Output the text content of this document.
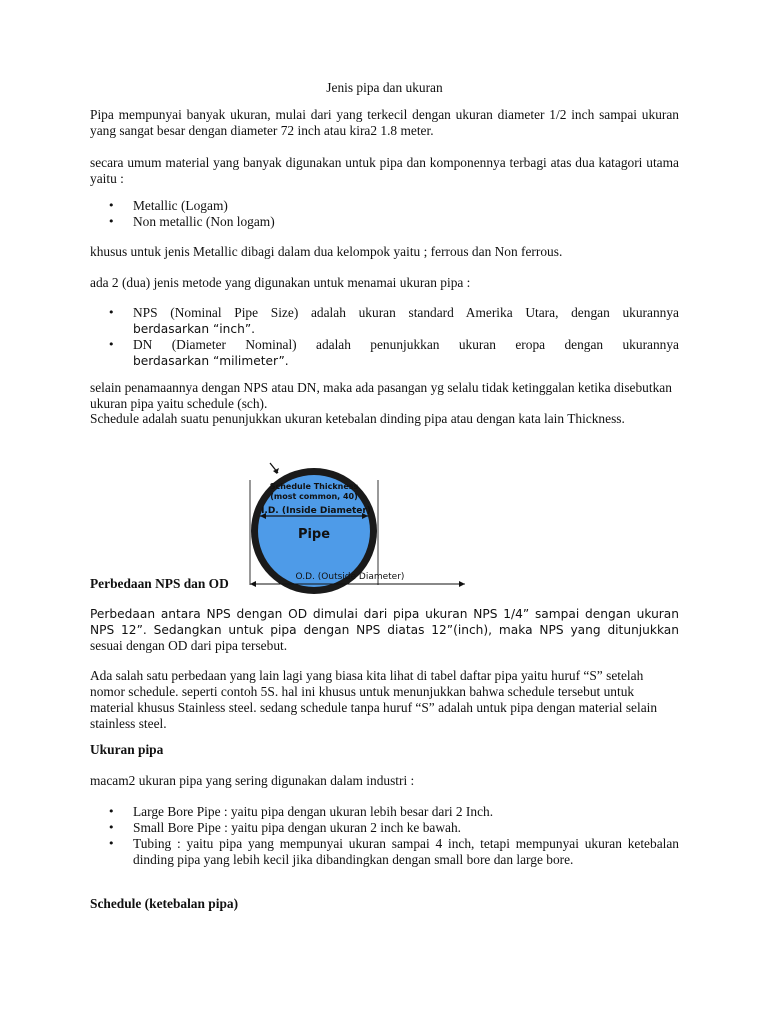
Jenis pipa dan ukuran

Pipa mempunyai banyak ukuran, mulai dari yang terkecil dengan ukuran diameter 1/2 inch sampai ukuran yang sangat besar dengan diameter 72 inch atau kira2 1.8 meter.

secara umum material yang banyak digunakan untuk pipa dan komponennya terbagi atas dua katagori utama yaitu :

• Metallic (Logam)
• Non metallic (Non logam)

khusus untuk jenis Metallic dibagi dalam dua kelompok yaitu ; ferrous dan Non ferrous.

ada 2 (dua) jenis metode yang digunakan untuk menamai ukuran pipa :

• NPS (Nominal Pipe Size) adalah ukuran standard Amerika Utara, dengan ukurannya
berdasarkan “inch”.
• DN (Diameter Nominal) adalah penunjukkan ukuran eropa dengan ukurannya
berdasarkan “milimeter”.

selain penamaannya dengan NPS atau DN, maka ada pasangan yg selalu tidak ketinggalan ketika disebutkan ukuran pipa yaitu schedule (sch).

Schedule adalah suatu penunjukkan ukuran ketebalan dinding pipa atau dengan kata lain Thickness.

Schedule Thickness
(most common, 40)
I.D. (Inside Diameter)
Pipe
O.D. (Outside Diameter)

Perbedaan NPS dan OD

Perbedaan antara NPS dengan OD dimulai dari pipa ukuran NPS 1/4” sampai dengan ukuran
NPS 12”. Sedangkan untuk pipa dengan NPS diatas 12”(inch), maka NPS yang ditunjukkan
sesuai dengan OD dari pipa tersebut.

Ada salah satu perbedaan yang lain lagi yang biasa kita lihat di tabel daftar pipa yaitu huruf “S” setelah nomor schedule. seperti contoh 5S. hal ini khusus untuk menunjukkan bahwa schedule tersebut untuk material khusus Stainless steel. sedang schedule tanpa huruf “S” adalah untuk pipa dengan material selain stainless steel.

Ukuran pipa

macam2 ukuran pipa yang sering digunakan dalam industri :

• Large Bore Pipe : yaitu pipa dengan ukuran lebih besar dari 2 Inch.
• Small Bore Pipe : yaitu pipa dengan ukuran 2 inch ke bawah.
• Tubing : yaitu pipa yang mempunyai ukuran sampai 4 inch, tetapi mempunyai ukuran ketebalan dinding pipa yang lebih kecil jika dibandingkan dengan small bore dan large bore.

Schedule (ketebalan pipa)
